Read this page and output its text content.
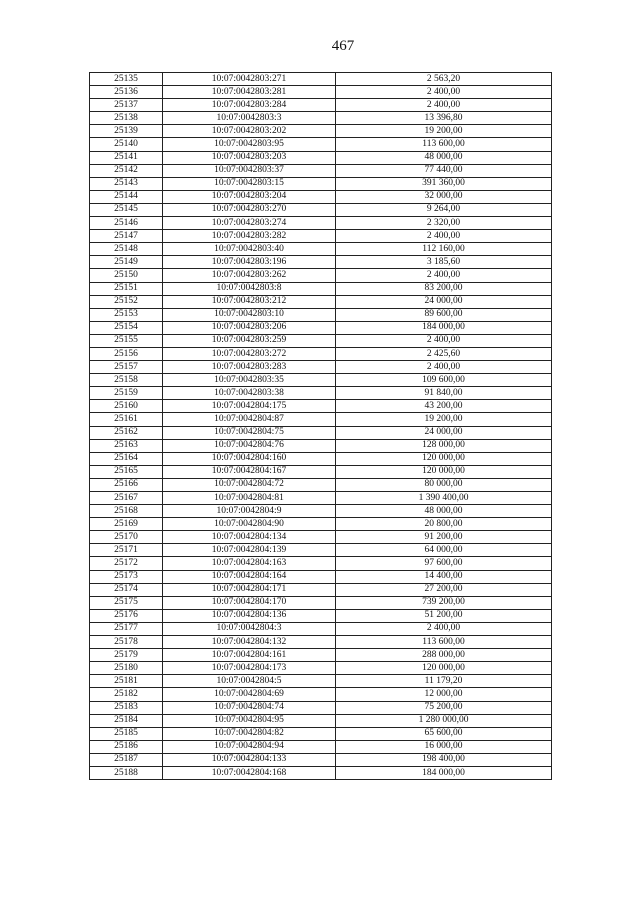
467
25135	10:07:0042803:271	2 563,20
25136	10:07:0042803:281	2 400,00
25137	10:07:0042803:284	2 400,00
25138	10:07:0042803:3	13 396,80
25139	10:07:0042803:202	19 200,00
25140	10:07:0042803:95	113 600,00
25141	10:07:0042803:203	48 000,00
25142	10:07:0042803:37	77 440,00
25143	10:07:0042803:15	391 360,00
25144	10:07:0042803:204	32 000,00
25145	10:07:0042803:270	9 264,00
25146	10:07:0042803:274	2 320,00
25147	10:07:0042803:282	2 400,00
25148	10:07:0042803:40	112 160,00
25149	10:07:0042803:196	3 185,60
25150	10:07:0042803:262	2 400,00
25151	10:07:0042803:8	83 200,00
25152	10:07:0042803:212	24 000,00
25153	10:07:0042803:10	89 600,00
25154	10:07:0042803:206	184 000,00
25155	10:07:0042803:259	2 400,00
25156	10:07:0042803:272	2 425,60
25157	10:07:0042803:283	2 400,00
25158	10:07:0042803:35	109 600,00
25159	10:07:0042803:38	91 840,00
25160	10:07:0042804:175	43 200,00
25161	10:07:0042804:87	19 200,00
25162	10:07:0042804:75	24 000,00
25163	10:07:0042804:76	128 000,00
25164	10:07:0042804:160	120 000,00
25165	10:07:0042804:167	120 000,00
25166	10:07:0042804:72	80 000,00
25167	10:07:0042804:81	1 390 400,00
25168	10:07:0042804:9	48 000,00
25169	10:07:0042804:90	20 800,00
25170	10:07:0042804:134	91 200,00
25171	10:07:0042804:139	64 000,00
25172	10:07:0042804:163	97 600,00
25173	10:07:0042804:164	14 400,00
25174	10:07:0042804:171	27 200,00
25175	10:07:0042804:170	739 200,00
25176	10:07:0042804:136	51 200,00
25177	10:07:0042804:3	2 400,00
25178	10:07:0042804:132	113 600,00
25179	10:07:0042804:161	288 000,00
25180	10:07:0042804:173	120 000,00
25181	10:07:0042804:5	11 179,20
25182	10:07:0042804:69	12 000,00
25183	10:07:0042804:74	75 200,00
25184	10:07:0042804:95	1 280 000,00
25185	10:07:0042804:82	65 600,00
25186	10:07:0042804:94	16 000,00
25187	10:07:0042804:133	198 400,00
25188	10:07:0042804:168	184 000,00
